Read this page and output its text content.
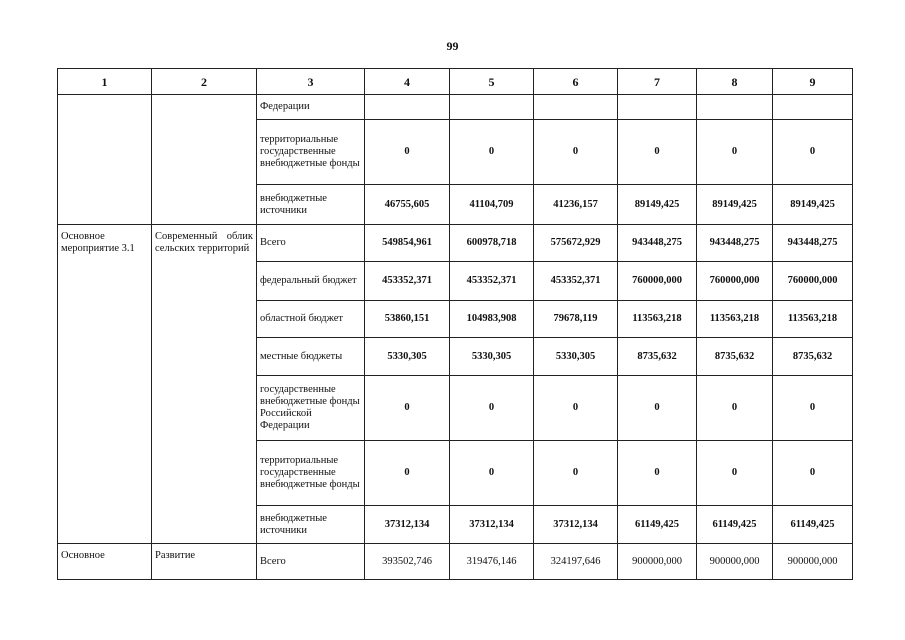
99
1	2	3	4	5	6	7	8	9
		Федерации						
		территориальные государственные внебюджетные фонды	0	0	0	0	0	0
		внебюджетные источники	46755,605	41104,709	41236,157	89149,425	89149,425	89149,425
Основное мероприятие 3.1	Современный облик сельских территорий	Всего	549854,961	600978,718	575672,929	943448,275	943448,275	943448,275
		федеральный бюджет	453352,371	453352,371	453352,371	760000,000	760000,000	760000,000
		областной бюджет	53860,151	104983,908	79678,119	113563,218	113563,218	113563,218
		местные бюджеты	5330,305	5330,305	5330,305	8735,632	8735,632	8735,632
		государственные внебюджетные фонды Российской Федерации	0	0	0	0	0	0
		территориальные государственные внебюджетные фонды	0	0	0	0	0	0
		внебюджетные источники	37312,134	37312,134	37312,134	61149,425	61149,425	61149,425
Основное	Развитие	Всего	393502,746	319476,146	324197,646	900000,000	900000,000	900000,000
